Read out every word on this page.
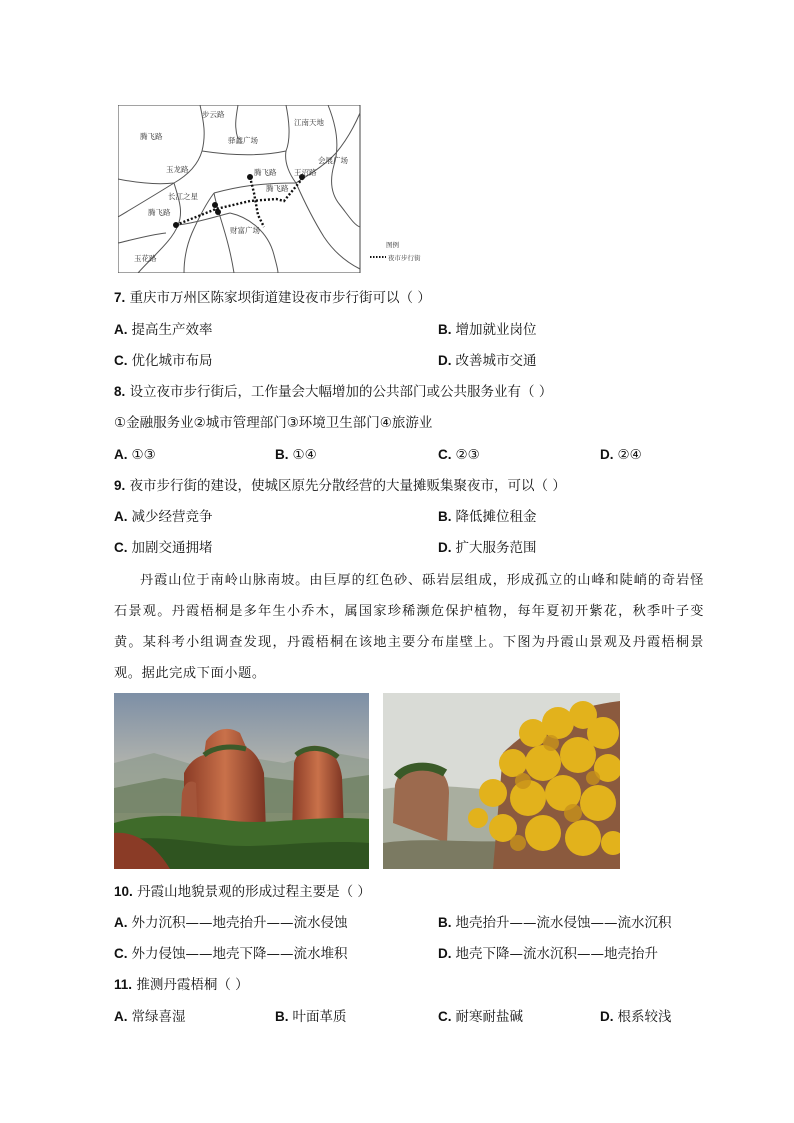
步云路
腾飞路	驿鑫广场
江南天地
会展广场
玉龙路	腾飞路 王沼路
腾飞路
长江之星
腾飞路
财富广场
玉花路
图例
夜市步行街
7. 重庆市万州区陈家坝街道建设夜市步行街可以（ ）
A. 提高生产效率	B. 增加就业岗位
C. 优化城市布局	D. 改善城市交通
8. 设立夜市步行街后，工作量会大幅增加的公共部门或公共服务业有（ ）
①金融服务业②城市管理部门③环境卫生部门④旅游业
A. ①③	B. ①④	C. ②③	D. ②④
9. 夜市步行街的建设，使城区原先分散经营的大量摊贩集聚夜市，可以（ ）
A. 减少经营竞争	B. 降低摊位租金
C. 加剧交通拥堵	D. 扩大服务范围
丹霞山位于南岭山脉南坡。由巨厚的红色砂、砾岩层组成，形成孤立的山峰和陡峭的奇岩怪石景观。丹霞梧桐是多年生小乔木，属国家珍稀濒危保护植物，每年夏初开紫花，秋季叶子变黄。某科考小组调查发现，丹霞梧桐在该地主要分布崖壁上。下图为丹霞山景观及丹霞梧桐景观。据此完成下面小题。
10. 丹霞山地貌景观的形成过程主要是（ ）
A. 外力沉积——地壳抬升——流水侵蚀	B. 地壳抬升——流水侵蚀——流水沉积
C. 外力侵蚀——地壳下降——流水堆积	D. 地壳下降—流水沉积——地壳抬升
11. 推测丹霞梧桐（ ）
A. 常绿喜湿	B. 叶面革质	C. 耐寒耐盐碱	D. 根系较浅
